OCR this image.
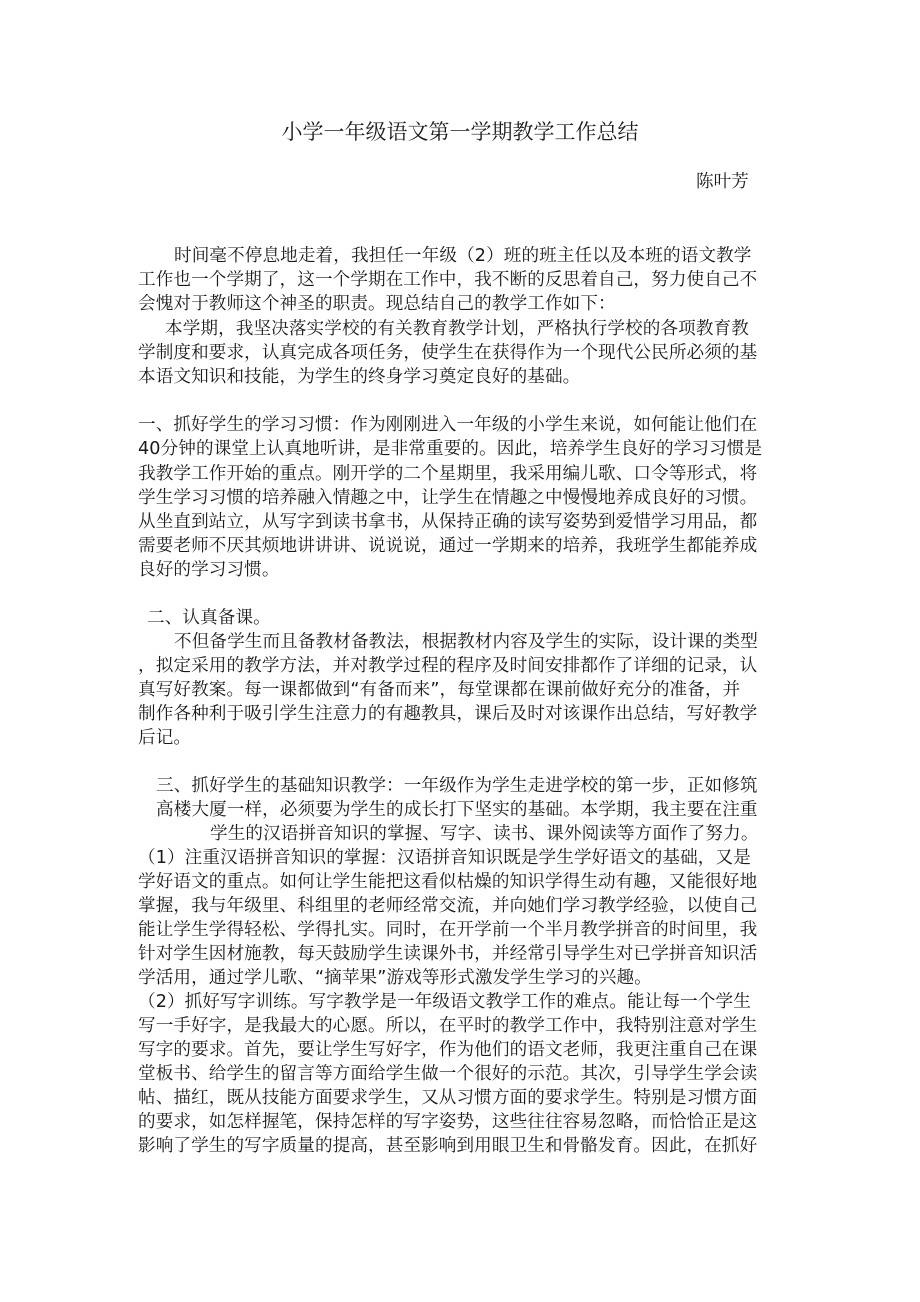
小学一年级语文第一学期教学工作总结
陈叶芳
时间毫不停息地走着，我担任一年级（2）班的班主任以及本班的语文教学
工作也一个学期了，这一个学期在工作中，我不断的反思着自己，努力使自己不
会愧对于教师这个神圣的职责。现总结自己的教学工作如下：
本学期，我坚决落实学校的有关教育教学计划，严格执行学校的各项教育教
学制度和要求，认真完成各项任务，使学生在获得作为一个现代公民所必须的基
本语文知识和技能，为学生的终身学习奠定良好的基础。
一、抓好学生的学习习惯：作为刚刚进入一年级的小学生来说，如何能让他们在
40分钟的课堂上认真地听讲，是非常重要的。因此，培养学生良好的学习习惯是
我教学工作开始的重点。刚开学的二个星期里，我采用编儿歌、口令等形式，将
学生学习习惯的培养融入情趣之中，让学生在情趣之中慢慢地养成良好的习惯。
从坐直到站立，从写字到读书拿书，从保持正确的读写姿势到爱惜学习用品，都
需要老师不厌其烦地讲讲讲、说说说，通过一学期来的培养，我班学生都能养成
良好的学习习惯。
二、认真备课。
不但备学生而且备教材备教法，根据教材内容及学生的实际，设计课的类型
，拟定采用的教学方法，并对教学过程的程序及时间安排都作了详细的记录，认
真写好教案。每一课都做到“有备而来”，每堂课都在课前做好充分的准备，并
制作各种利于吸引学生注意力的有趣教具，课后及时对该课作出总结，写好教学
后记。
三、抓好学生的基础知识教学：一年级作为学生走进学校的第一步，正如修筑
高楼大厦一样，必须要为学生的成长打下坚实的基础。本学期，我主要在注重
学生的汉语拼音知识的掌握、写字、读书、课外阅读等方面作了努力。
（1）注重汉语拼音知识的掌握：汉语拼音知识既是学生学好语文的基础，又是
学好语文的重点。如何让学生能把这看似枯燥的知识学得生动有趣，又能很好地
掌握，我与年级里、科组里的老师经常交流，并向她们学习教学经验，以使自己
能让学生学得轻松、学得扎实。同时，在开学前一个半月教学拼音的时间里，我
针对学生因材施教，每天鼓励学生读课外书，并经常引导学生对已学拼音知识活
学活用，通过学儿歌、“摘苹果”游戏等形式激发学生学习的兴趣。
（2）抓好写字训练。写字教学是一年级语文教学工作的难点。能让每一个学生
写一手好字，是我最大的心愿。所以，在平时的教学工作中，我特别注意对学生
写字的要求。首先，要让学生写好字，作为他们的语文老师，我更注重自己在课
堂板书、给学生的留言等方面给学生做一个很好的示范。其次，引导学生学会读
帖、描红，既从技能方面要求学生，又从习惯方面的要求学生。特别是习惯方面
的要求，如怎样握笔，保持怎样的写字姿势，这些往往容易忽略，而恰恰正是这
影响了学生的写字质量的提高，甚至影响到用眼卫生和骨骼发育。因此，在抓好
